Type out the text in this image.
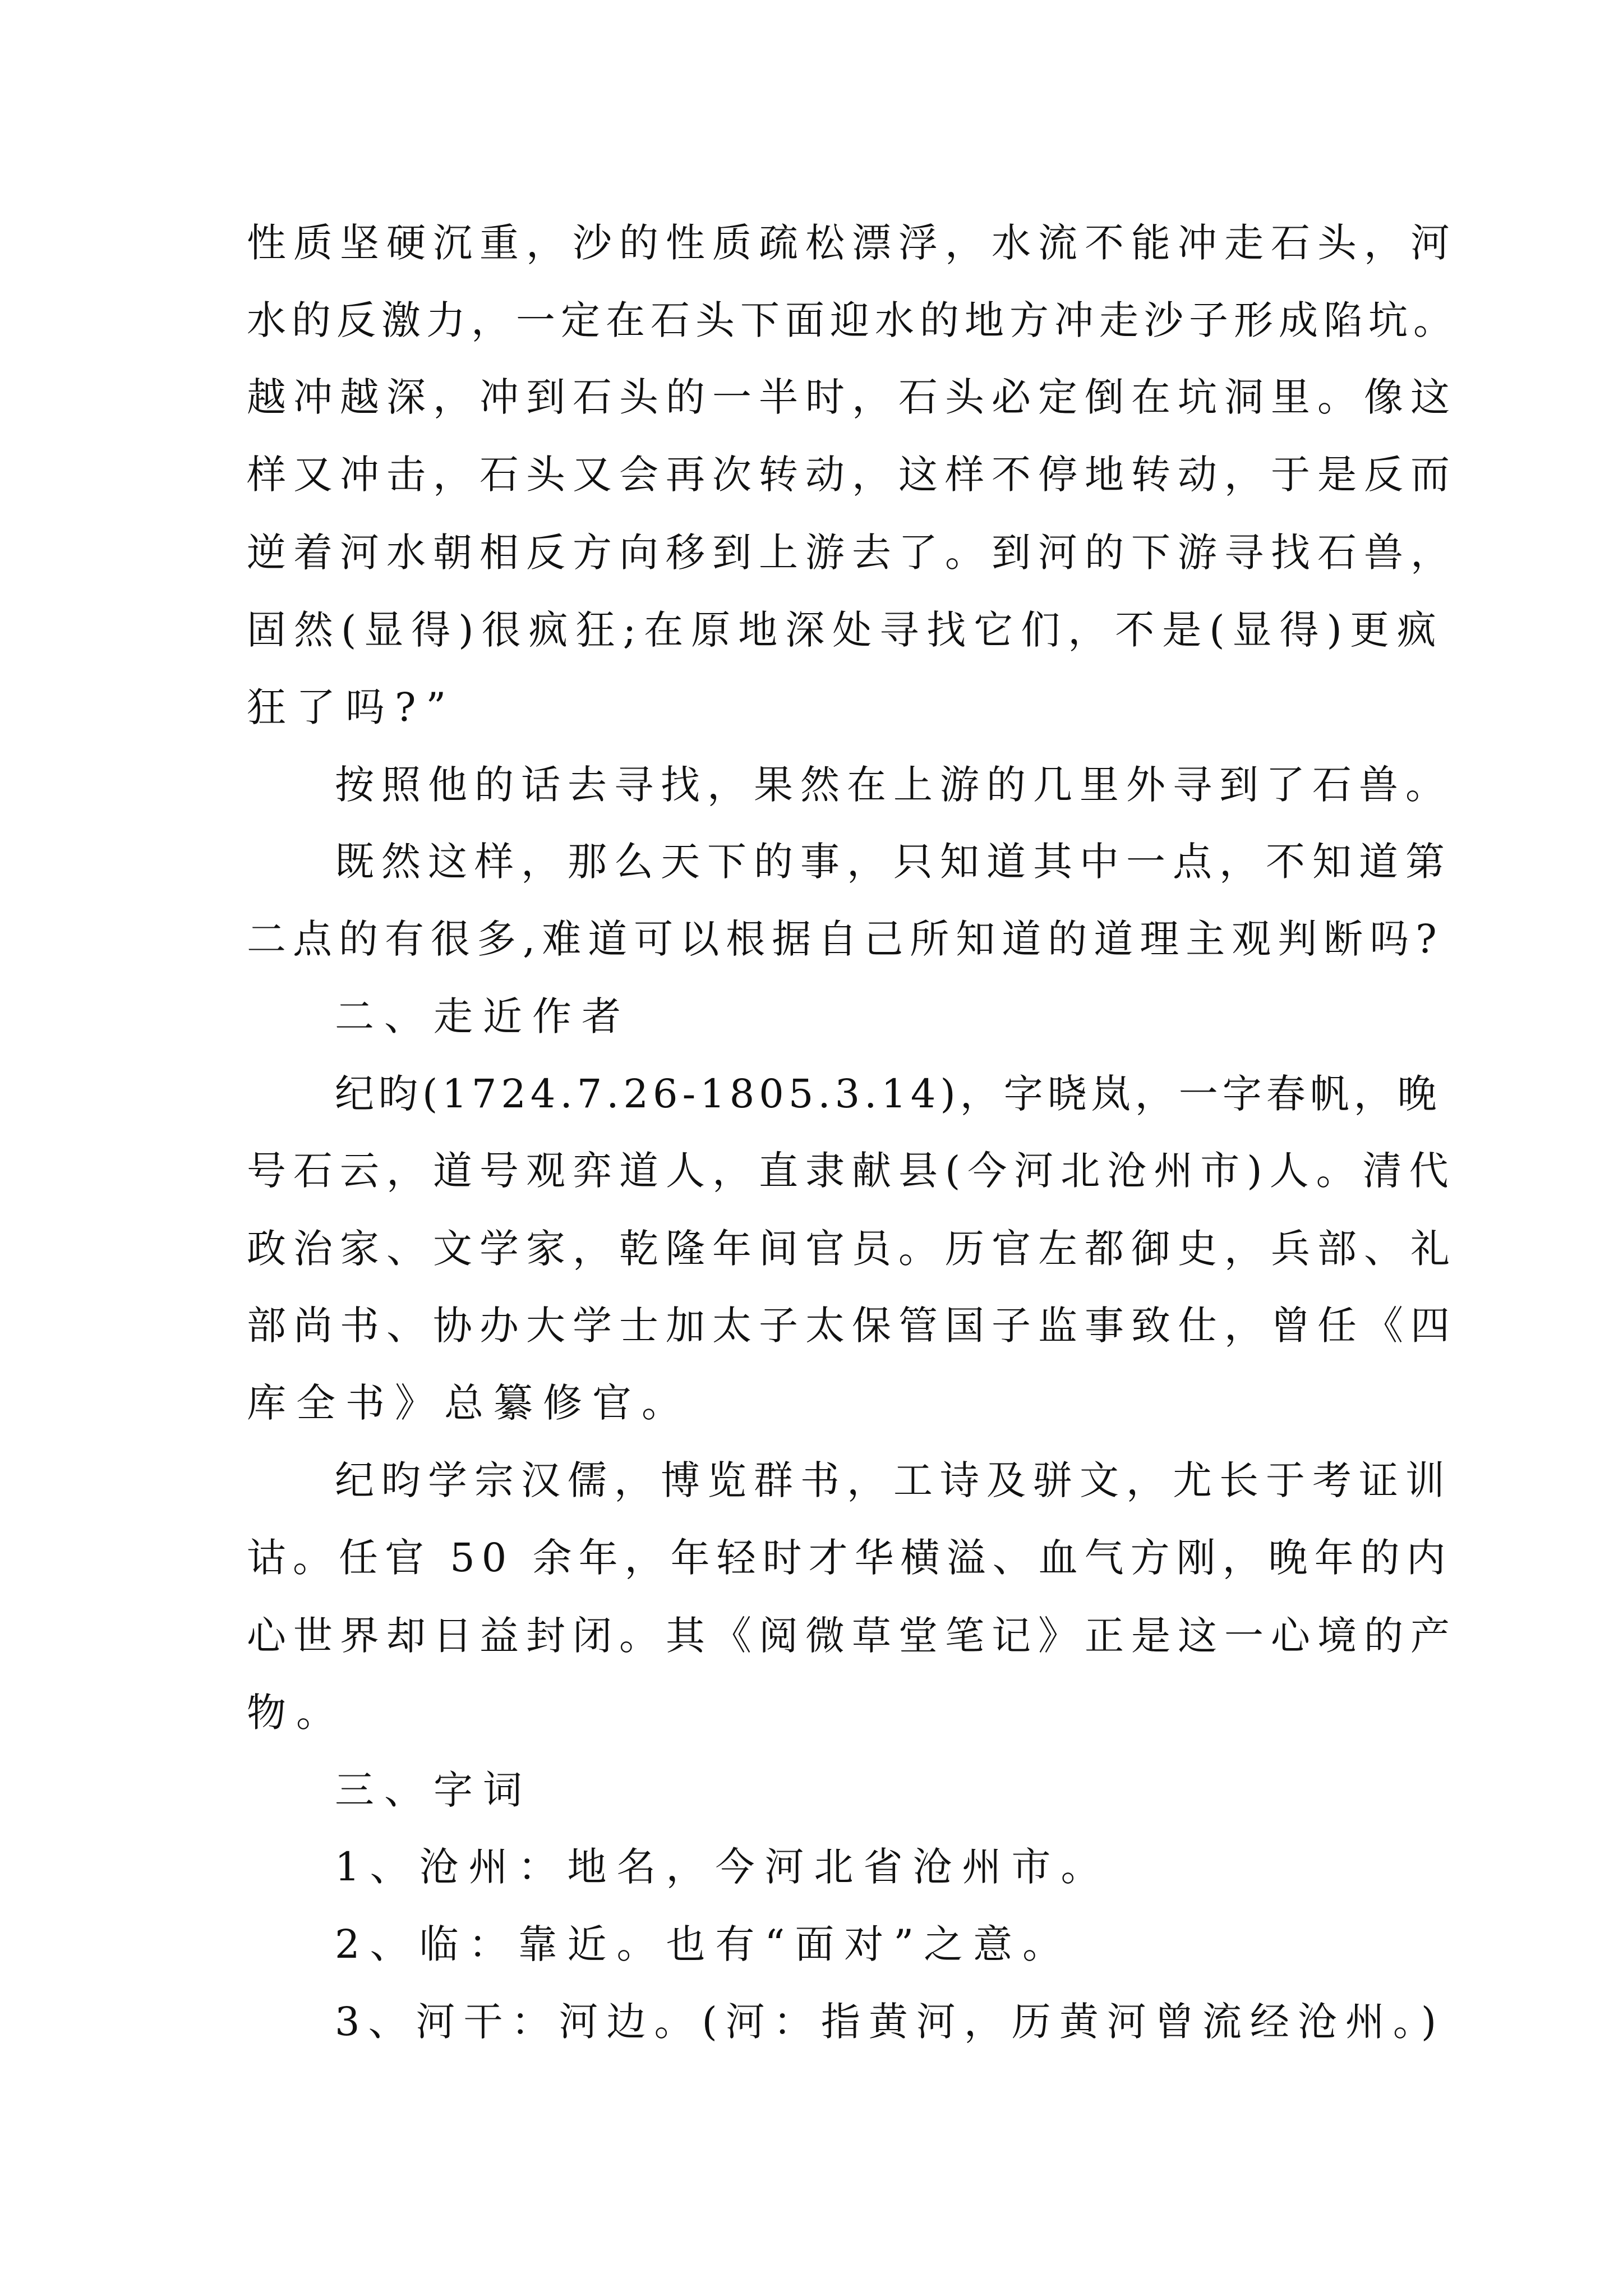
性质坚硬沉重，沙的性质疏松漂浮，水流不能冲走石头，河
水的反激力，一定在石头下面迎水的地方冲走沙子形成陷坑。
越冲越深，冲到石头的一半时，石头必定倒在坑洞里。像这
样又冲击，石头又会再次转动，这样不停地转动，于是反而
逆着河水朝相反方向移到上游去了。到河的下游寻找石兽，
固然(显得)很疯狂;在原地深处寻找它们，不是(显得)更疯
狂了吗?”
按照他的话去寻找，果然在上游的几里外寻到了石兽。
既然这样，那么天下的事，只知道其中一点，不知道第
二点的有很多,难道可以根据自己所知道的道理主观判断吗?
二、走近作者
纪昀(1724.7.26-1805.3.14)，字晓岚，一字春帆，晚
号石云，道号观弈道人，直隶献县(今河北沧州市)人。清代
政治家、文学家，乾隆年间官员。历官左都御史，兵部、礼
部尚书、协办大学士加太子太保管国子监事致仕，曾任《四
库全书》总纂修官。
纪昀学宗汉儒，博览群书，工诗及骈文，尤长于考证训
诂。任官 50 余年，年轻时才华横溢、血气方刚，晚年的内
心世界却日益封闭。其《阅微草堂笔记》正是这一心境的产
物。
三、字词
1、沧州：地名，今河北省沧州市。
2、临：靠近。也有“面对”之意。
3、河干：河边。(河：指黄河，历黄河曾流经沧州。)
